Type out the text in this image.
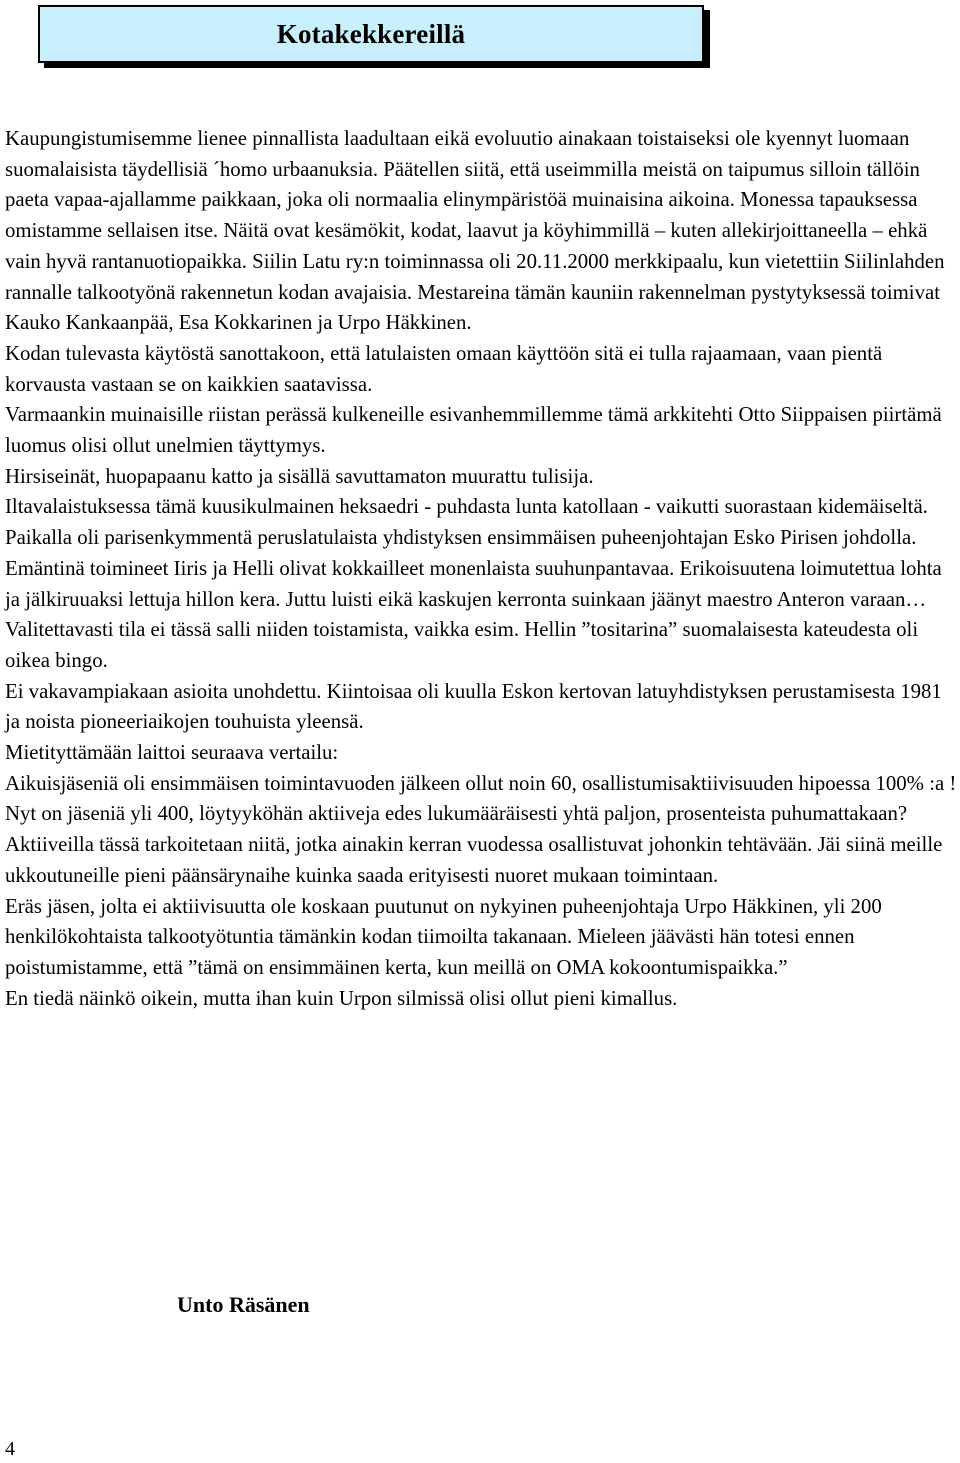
Kotakekkereillä

Kaupungistumisemme lienee pinnallista laadultaan eikä evoluutio ainakaan toistaiseksi ole kyennyt luomaan suomalaisista täydellisiä ´homo urbaanuksia. Päätellen siitä, että useimmilla meistä on taipumus silloin tällöin paeta vapaa-ajallamme paikkaan, joka oli normaalia elinympäristöä muinaisina aikoina. Monessa tapauksessa omistamme sellaisen itse. Näitä ovat kesämökit, kodat, laavut ja köyhimmillä – kuten allekirjoittaneella – ehkä vain hyvä rantanuotiopaikka. Siilin Latu ry:n toiminnassa oli 20.11.2000 merkkipaalu, kun vietettiin Siilinlahden rannalle talkootyönä rakennetun kodan avajaisia. Mestareina tämän kauniin rakennelman pystytyksessä toimivat Kauko Kankaanpää, Esa Kokkarinen ja Urpo Häkkinen.

Kodan tulevasta käytöstä sanottakoon, että latulaisten omaan käyttöön sitä ei tulla rajaamaan, vaan pientä korvausta vastaan se on kaikkien saatavissa.

Varmaankin muinaisille riistan perässä kulkeneille esivanhemmillemme tämä arkkitehti Otto Siippaisen piirtämä luomus olisi ollut unelmien täyttymys.

Hirsiseinät, huopapaanu katto ja sisällä savuttamaton muurattu tulisija.

Iltavalaistuksessa tämä kuusikulmainen heksaedri - puhdasta lunta katollaan - vaikutti suorastaan kidemäiseltä.

Paikalla oli parisenkymmentä peruslatulaista yhdistyksen ensimmäisen puheenjohtajan Esko Pirisen johdolla. Emäntinä toimineet Iiris ja Helli olivat kokkailleet monenlaista suuhunpantavaa. Erikoisuutena loimutettua lohta ja jälkiruuaksi lettuja hillon kera. Juttu luisti eikä kaskujen kerronta suinkaan jäänyt maestro Anteron varaan… Valitettavasti tila ei tässä salli niiden toistamista, vaikka esim. Hellin ”tositarina” suomalaisesta kateudesta oli oikea bingo.

Ei vakavampiakaan asioita unohdettu. Kiintoisaa oli kuulla Eskon kertovan latuyhdistyksen perustamisesta 1981 ja noista pioneeriaikojen touhuista yleensä.

Mietityttämään laittoi seuraava vertailu:

Aikuisjäseniä oli ensimmäisen toimintavuoden jälkeen ollut noin 60, osallistumisaktiivisuuden hipoessa 100% :a ! Nyt on jäseniä yli 400, löytyyköhän aktiiveja edes lukumääräisesti yhtä paljon, prosenteista puhumattakaan? Aktiiveilla tässä tarkoitetaan niitä, jotka ainakin kerran vuodessa osallistuvat johonkin tehtävään. Jäi siinä meille ukkoutuneille pieni päänsärynaihe kuinka saada erityisesti nuoret mukaan toimintaan.

Eräs jäsen, jolta ei aktiivisuutta ole koskaan puutunut on nykyinen puheenjohtaja Urpo Häkkinen, yli 200 henkilökohtaista talkootyötuntia tämänkin kodan tiimoilta takanaan. Mieleen jäävästi hän totesi ennen poistumistamme, että ”tämä on ensimmäinen kerta, kun meillä on OMA kokoontumispaikka.”

En tiedä näinkö oikein, mutta ihan kuin Urpon silmissä olisi ollut pieni kimallus.

Unto Räsänen
4
